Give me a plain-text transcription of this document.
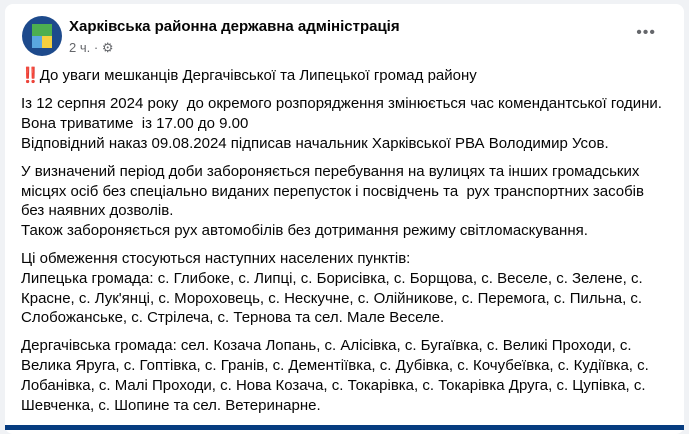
Харківська районна державна адміністрація
2 ч. · ⚙
•••
‼️До уваги мешканців Дергачівської та Липецької громад району
Із 12 серпня 2024 року  до окремого розпорядження змінюється час комендантської години.
Вона триватиме  із 17.00 до 9.00
Відповідний наказ 09.08.2024 підписав начальник Харківської РВА Володимир Усов.
У визначений період доби забороняється перебування на вулицях та інших громадських
місцях осіб без спеціально виданих перепусток і посвідчень та  рух транспортних засобів
без наявних дозволів.
Також забороняється рух автомобілів без дотримання режиму світломаскування.
Ці обмеження стосуються наступних населених пунктів:
Липецька громада: с. Глибоке, с. Липці, с. Борисівка, с. Борщова, с. Веселе, с. Зелене, с.
Красне, с. Лук'янці, с. Мороховець, с. Нескучне, с. Олійникове, с. Перемога, с. Пильна, с.
Слобожанське, с. Стрілеча, с. Тернова та сел. Мале Веселе.
Дергачівська громада: сел. Козача Лопань, с. Алісівка, с. Бугаївка, с. Великі Проходи, с.
Велика Яруга, с. Гоптівка, с. Гранів, с. Дементіївка, с. Дубівка, с. Кочубеївка, с. Кудіївка, с.
Лобанівка, с. Малі Проходи, с. Нова Козача, с. Токарівка, с. Токарівка Друга, с. Цупівка, с.
Шевченка, с. Шопине та сел. Ветеринарне.
